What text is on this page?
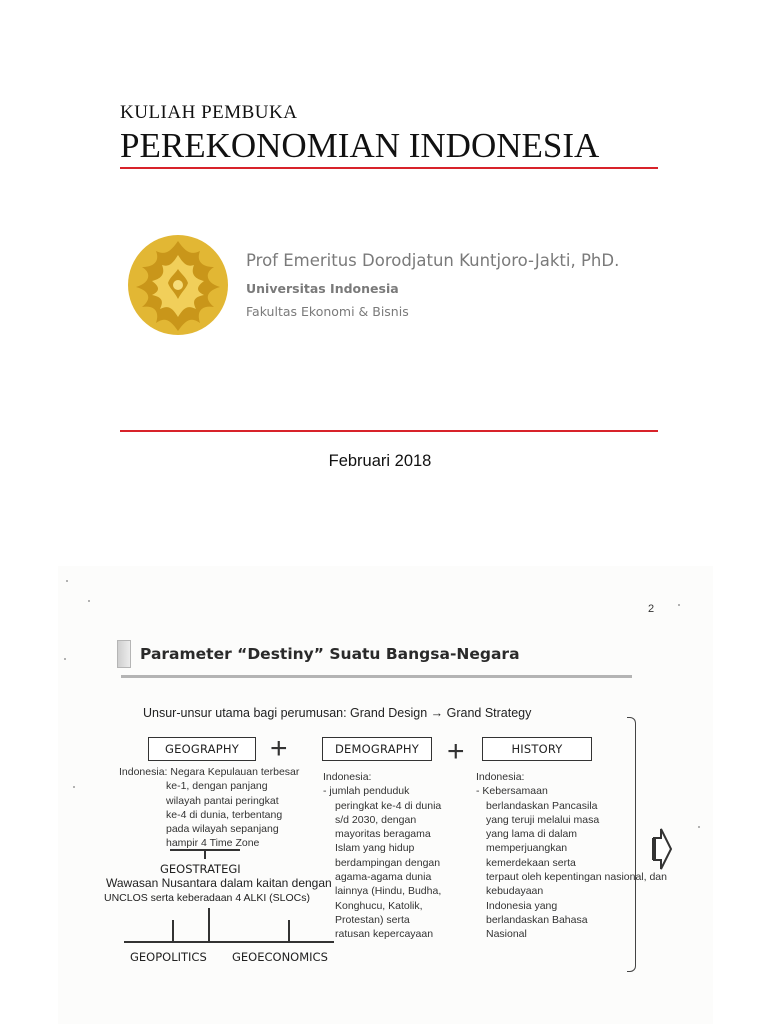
KULIAH PEMBUKA
PEREKONOMIAN INDONESIA
Prof Emeritus Dorodjatun Kuntjoro-Jakti, PhD.
Universitas Indonesia
Fakultas Ekonomi & Bisnis
Februari 2018
2
Parameter “Destiny” Suatu Bangsa-Negara
Unsur-unsur utama bagi perumusan: Grand Design → Grand Strategy
GEOGRAPHY	+	DEMOGRAPHY +	HISTORY
Indonesia: Negara Kepulauan terbesar
ke-1, dengan panjang
wilayah pantai peringkat
ke-4 di dunia, terbentang
pada wilayah sepanjang
hampir 4 Time Zone
Indonesia:
- jumlah penduduk
peringkat ke-4 di dunia
s/d 2030, dengan
mayoritas beragama
Islam yang hidup
berdampingan dengan
agama-agama dunia
lainnya (Hindu, Budha,
Konghucu, Katolik,
Protestan) serta
ratusan kepercayaan
Indonesia:
- Kebersamaan
berlandaskan Pancasila
yang teruji melalui masa
yang lama di dalam
memperjuangkan
kemerdekaan serta
terpaut oleh kepentingan nasional, dan
kebudayaan
Indonesia yang
berlandaskan Bahasa
Nasional
GEOSTRATEGI
Wawasan Nusantara dalam kaitan dengan
UNCLOS serta keberadaan 4 ALKI (SLOCs)
GEOPOLITICS GEOECONOMICS
